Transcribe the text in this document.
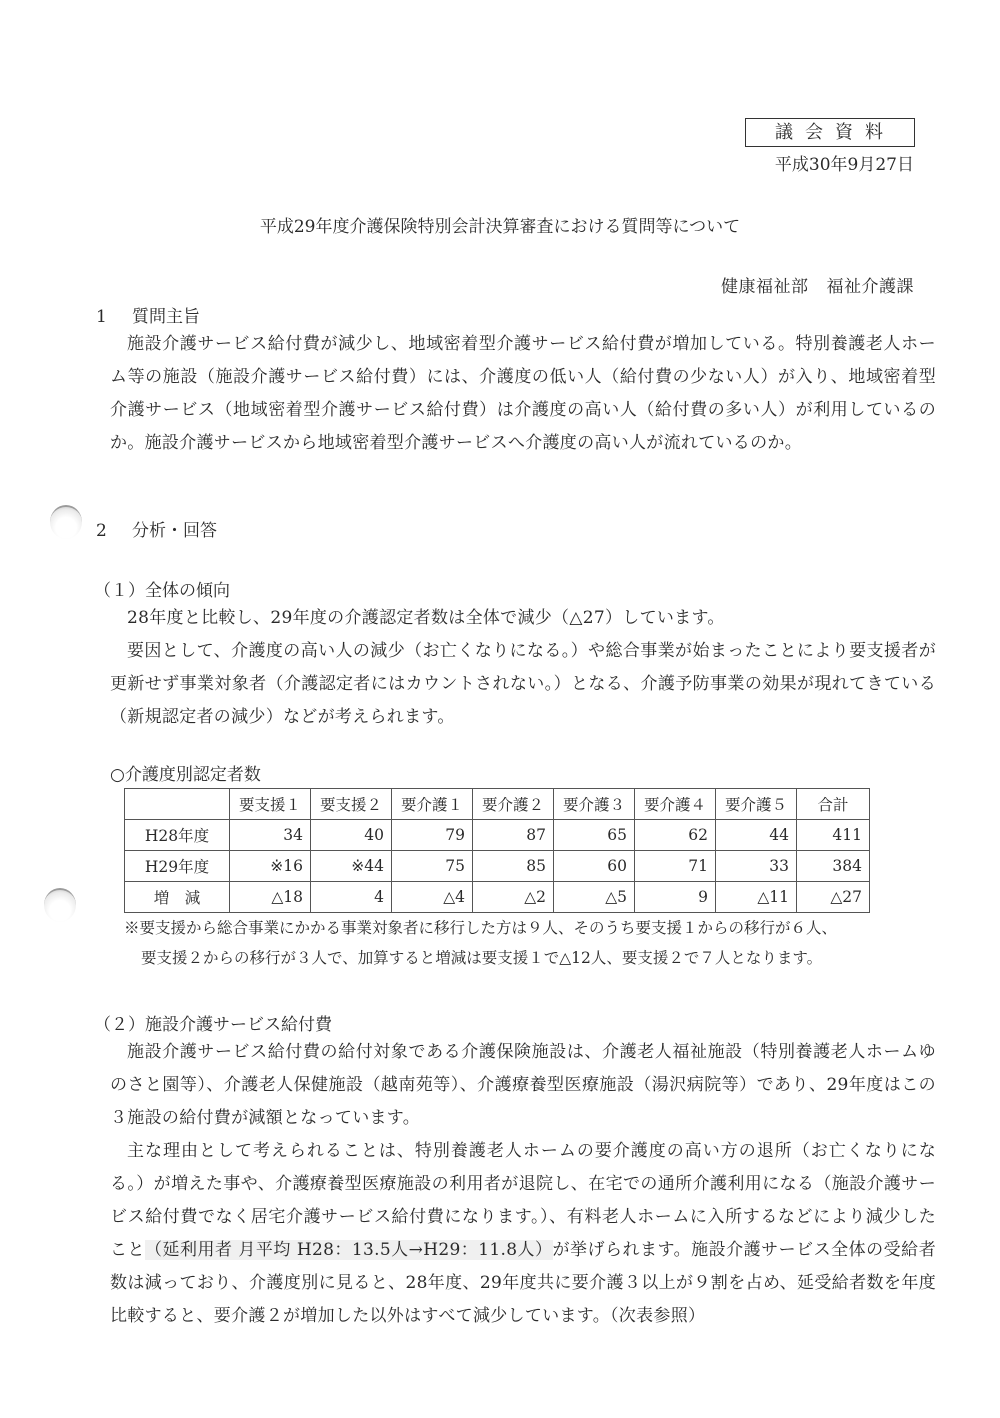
議会資料
平成30年9月27日
平成29年度介護保険特別会計決算審査における質問等について
健康福祉部 福祉介護課
1 質問主旨

施設介護サービス給付費が減少し、地域密着型介護サービス給付費が増加している。特別養護老人ホーム等の施設（施設介護サービス給付費）には、介護度の低い人（給付費の少ない人）が入り、地域密着型介護サービス（地域密着型介護サービス給付費）は介護度の高い人（給付費の多い人）が利用しているのか。施設介護サービスから地域密着型介護サービスへ介護度の高い人が流れているのか。

2 分析・回答
（１）全体の傾向

28年度と比較し、29年度の介護認定者数は全体で減少（△27）しています。

要因として、介護度の高い人の減少（お亡くなりになる。）や総合事業が始まったことにより要支援者が更新せず事業対象者（介護認定者にはカウントされない。）となる、介護予防事業の効果が現れてきている（新規認定者の減少）などが考えられます。

○介護度別認定者数
	要支援１	要支援２	要介護１	要介護２	要介護３	要介護４	要介護５	合計
H28年度	34	40	79	87	65	62	44	411
H29年度	※16	※44	75	85	60	71	33	384
増　減	△18	4	△4	△2	△5	9	△11	△27
※要支援から総合事業にかかる事業対象者に移行した方は９人、そのうち要支援１からの移行が６人、
要支援２からの移行が３人で、加算すると増減は要支援１で△12人、要支援２で７人となります。
（２）施設介護サービス給付費

施設介護サービス給付費の給付対象である介護保険施設は、介護老人福祉施設（特別養護老人ホームゆのさと園等）、介護老人保健施設（越南苑等）、介護療養型医療施設（湯沢病院等）であり、29年度はこの３施設の給付費が減額となっています。

主な理由として考えられることは、特別養護老人ホームの要介護度の高い方の退所（お亡くなりになる。）が増えた事や、介護療養型医療施設の利用者が退院し、在宅での通所介護利用になる（施設介護サービス給付費でなく居宅介護サービス給付費になります。）、有料老人ホームに入所するなどにより減少したこと（延利用者 月平均 H28：13.5人→H29：11.8人）が挙げられます。施設介護サービス全体の受給者数は減っており、介護度別に見ると、28年度、29年度共に要介護３以上が９割を占め、延受給者数を年度比較すると、要介護２が増加した以外はすべて減少しています。（次表参照）
